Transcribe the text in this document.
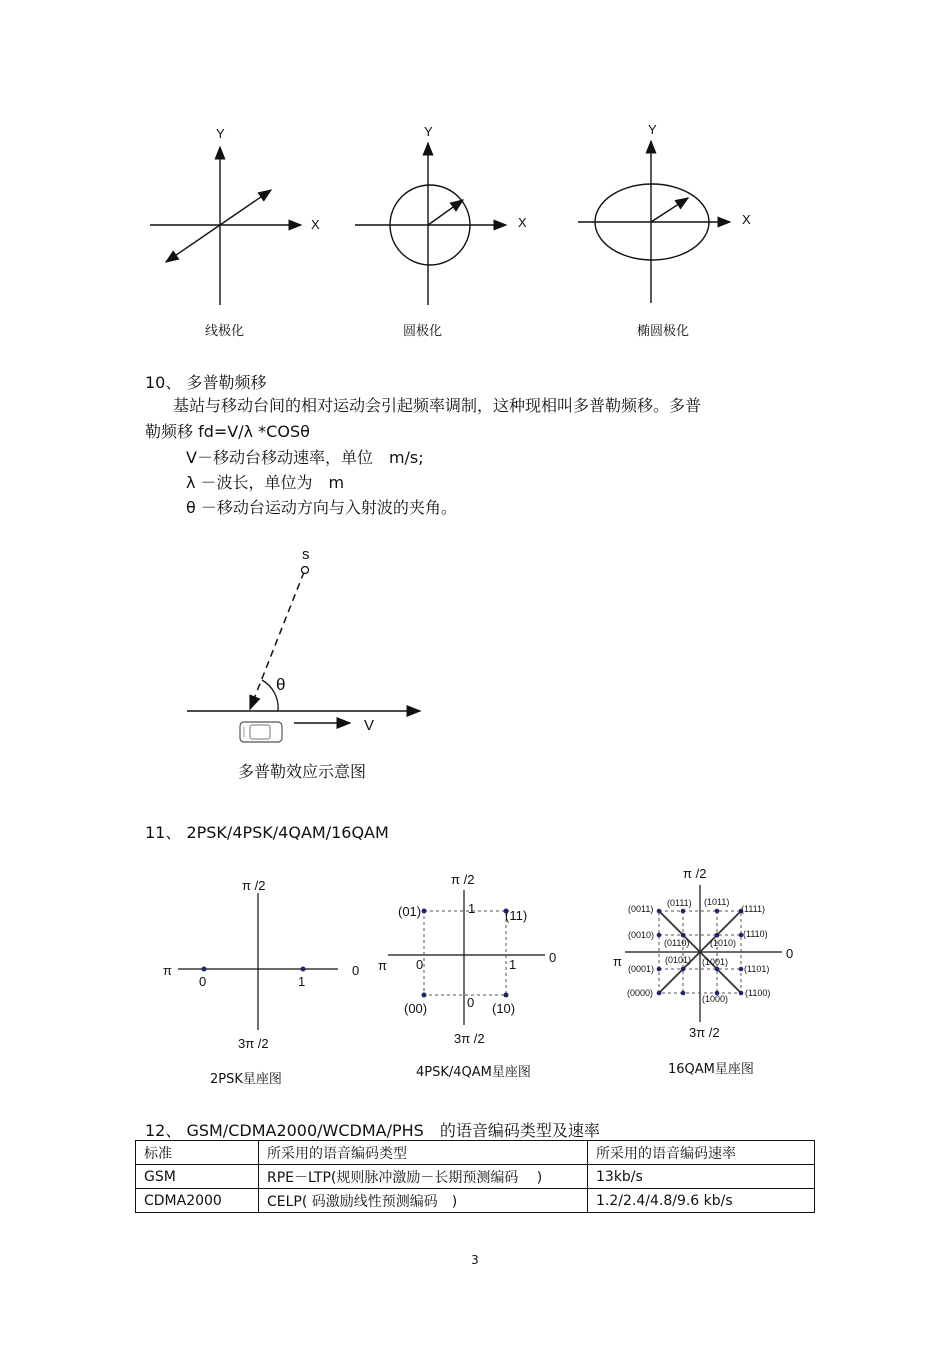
Y
X
Y
X
Y
X
线极化	圆极化	椭圆极化
10、 多普勒频移
基站与移动台间的相对运动会引起频率调制，这种现相叫多普勒频移。多普
勒频移 fd=V/λ *COSθ
V－移动台移动速率，单位　m/s;
λ －波长，单位为　m
θ －移动台运动方向与入射波的夹角。
s
θ
V
多普勒效应示意图
11、 2PSK/4PSK/4QAM/16QAM
π /2
π	0
0	1
3π /2
π /2
π
0
(01)	(11)
(00)	(10)
1
0	1
0
3π /2
π /2
π
0
3π /2
(0011)
(0111) (1011)
(1111)
(0010)
(0110) (1010)
(1110)
(0001)
(0101) (1001)
(1101)
(0000)
(1000)
(1100)
2PSK星座图	4PSK/4QAM星座图	16QAM星座图
12、 GSM/CDMA2000/WCDMA/PHS　的语音编码类型及速率
标准	所采用的语音编码类型	所采用的语音编码速率
GSM	RPE－LTP(规则脉冲激励－长期预测编码　 )	13kb/s
CDMA2000	CELP( 码激励线性预测编码　)	1.2/2.4/4.8/9.6 kb/s
3
